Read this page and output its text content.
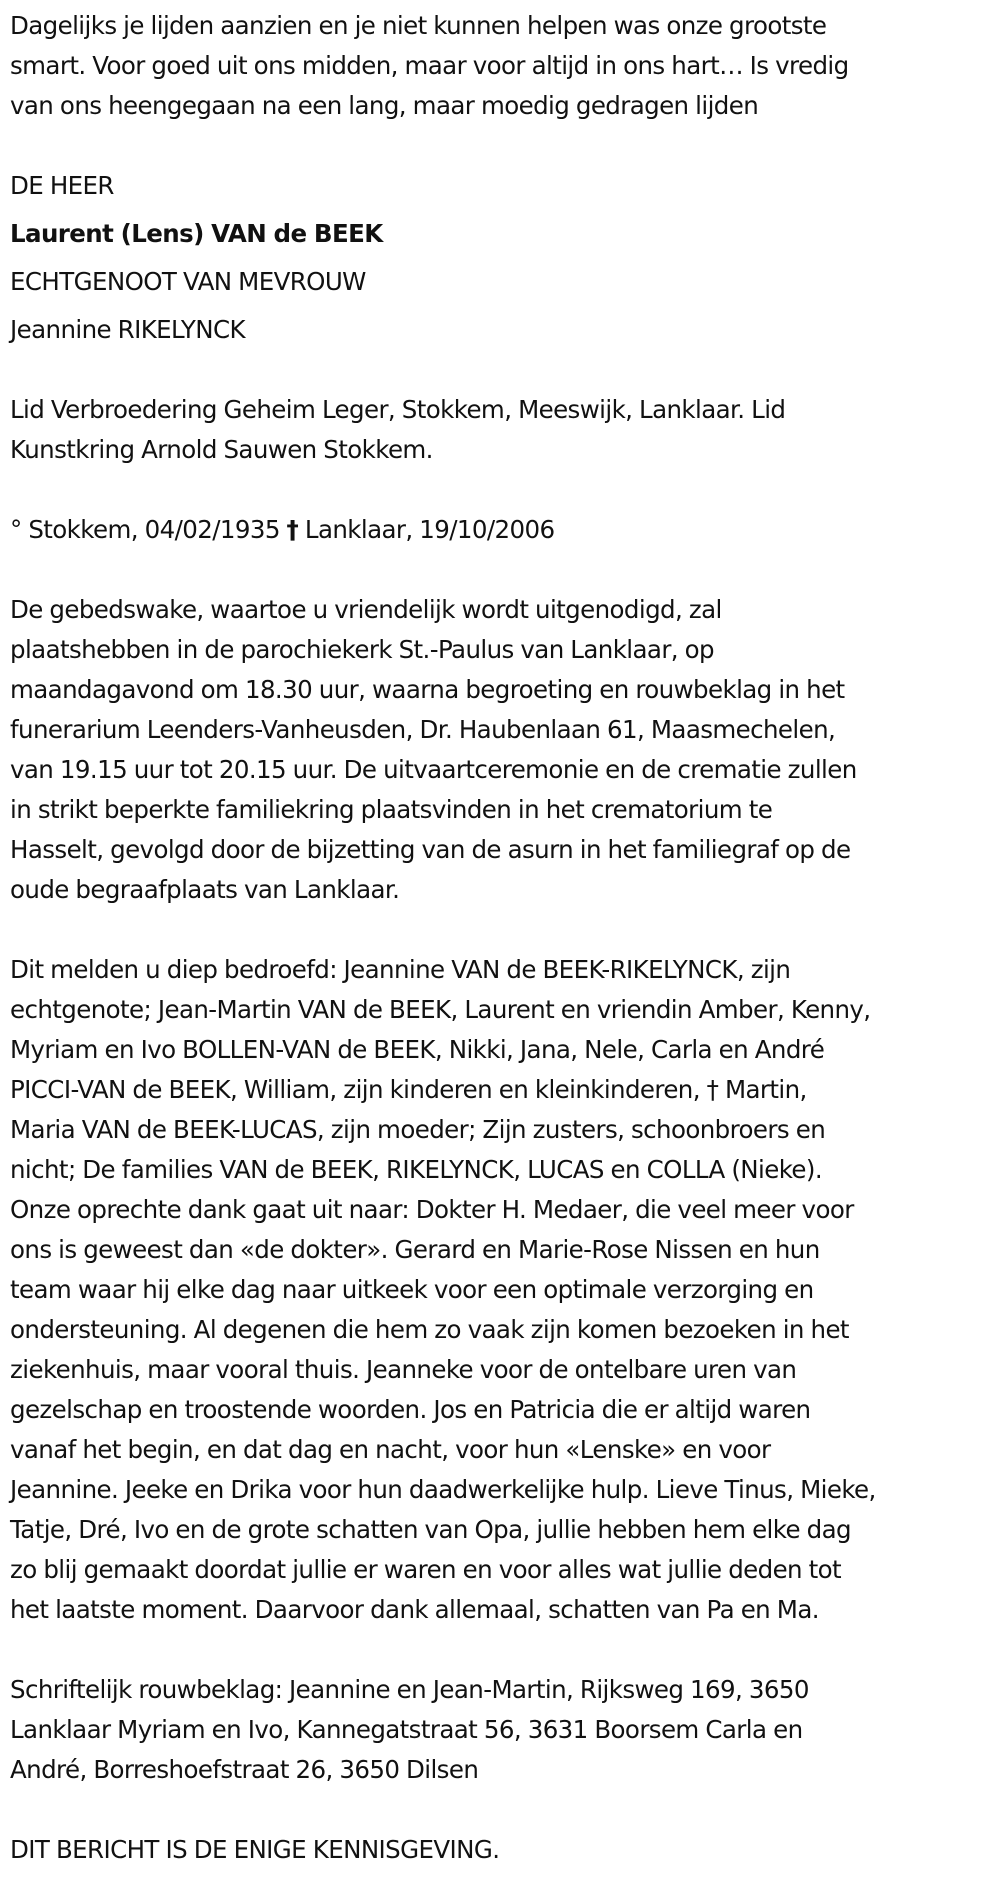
Dagelijks je lijden aanzien en je niet kunnen helpen was onze grootste
smart. Voor goed uit ons midden, maar voor altijd in ons hart… Is vredig
van ons heengegaan na een lang, maar moedig gedragen lijden

DE HEER

Laurent (Lens) VAN de BEEK

ECHTGENOOT VAN MEVROUW

Jeannine RIKELYNCK

Lid Verbroedering Geheim Leger, Stokkem, Meeswijk, Lanklaar. Lid
Kunstkring Arnold Sauwen Stokkem.

° Stokkem, 04/02/1935 † Lanklaar, 19/10/2006

De gebedswake, waartoe u vriendelijk wordt uitgenodigd, zal
plaatshebben in de parochiekerk St.-Paulus van Lanklaar, op
maandagavond om 18.30 uur, waarna begroeting en rouwbeklag in het
funerarium Leenders-Vanheusden, Dr. Haubenlaan 61, Maasmechelen,
van 19.15 uur tot 20.15 uur. De uitvaartceremonie en de crematie zullen
in strikt beperkte familiekring plaatsvinden in het crematorium te
Hasselt, gevolgd door de bijzetting van de asurn in het familiegraf op de
oude begraafplaats van Lanklaar.

Dit melden u diep bedroefd: Jeannine VAN de BEEK-RIKELYNCK, zijn
echtgenote; Jean-Martin VAN de BEEK, Laurent en vriendin Amber, Kenny,
Myriam en Ivo BOLLEN-VAN de BEEK, Nikki, Jana, Nele, Carla en André
PICCI-VAN de BEEK, William, zijn kinderen en kleinkinderen, † Martin,
Maria VAN de BEEK-LUCAS, zijn moeder; Zijn zusters, schoonbroers en
nicht; De families VAN de BEEK, RIKELYNCK, LUCAS en COLLA (Nieke).
Onze oprechte dank gaat uit naar: Dokter H. Medaer, die veel meer voor
ons is geweest dan «de dokter». Gerard en Marie-Rose Nissen en hun
team waar hij elke dag naar uitkeek voor een optimale verzorging en
ondersteuning. Al degenen die hem zo vaak zijn komen bezoeken in het
ziekenhuis, maar vooral thuis. Jeanneke voor de ontelbare uren van
gezelschap en troostende woorden. Jos en Patricia die er altijd waren
vanaf het begin, en dat dag en nacht, voor hun «Lenske» en voor
Jeannine. Jeeke en Drika voor hun daadwerkelijke hulp. Lieve Tinus, Mieke,
Tatje, Dré, Ivo en de grote schatten van Opa, jullie hebben hem elke dag
zo blij gemaakt doordat jullie er waren en voor alles wat jullie deden tot
het laatste moment. Daarvoor dank allemaal, schatten van Pa en Ma.

Schriftelijk rouwbeklag: Jeannine en Jean-Martin, Rijksweg 169, 3650
Lanklaar Myriam en Ivo, Kannegatstraat 56, 3631 Boorsem Carla en
André, Borreshoefstraat 26, 3650 Dilsen

DIT BERICHT IS DE ENIGE KENNISGEVING.
